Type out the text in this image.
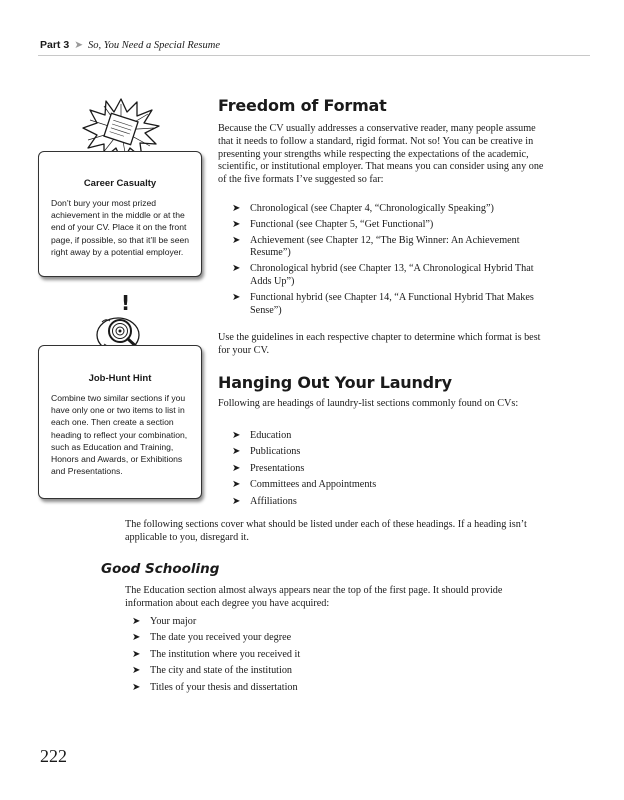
Part 3 ➤ So, You Need a Special Resume

Career Casualty

Don’t bury your most prized achievement in the middle or at the end of your CV. Place it on the front page, if possible, so that it’ll be seen right away by a potential employer.

!

Job-Hunt Hint

Combine two similar sections if you have only one or two items to list in each one. Then create a section heading to reflect your combination, such as Education and Training, Honors and Awards, or Exhibitions and Presentations.

Freedom of Format

Because the CV usually addresses a conservative reader, many people assume that it needs to follow a standard, rigid format. Not so! You can be creative in presenting your strengths while respecting the expectations of the academic, scientific, or institutional employer. That means you can consider using any one of the five formats I’ve suggested so far:

➤ Chronological (see Chapter 4, “Chronologically Speaking”)
➤ Functional (see Chapter 5, “Get Functional”)
➤ Achievement (see Chapter 12, “The Big Winner: An Achievement Resume”)
➤ Chronological hybrid (see Chapter 13, “A Chronological Hybrid That Adds Up”)
➤ Functional hybrid (see Chapter 14, “A Functional Hybrid That Makes Sense”)

Use the guidelines in each respective chapter to determine which format is best for your CV.

Hanging Out Your Laundry

Following are headings of laundry-list sections commonly found on CVs:

➤ Education
➤ Publications
➤ Presentations
➤ Committees and Appointments
➤ Affiliations

The following sections cover what should be listed under each of these headings. If a heading isn’t applicable to you, disregard it.

Good Schooling

The Education section almost always appears near the top of the first page. It should provide information about each degree you have acquired:

➤ Your major
➤ The date you received your degree
➤ The institution where you received it
➤ The city and state of the institution
➤ Titles of your thesis and dissertation
222
